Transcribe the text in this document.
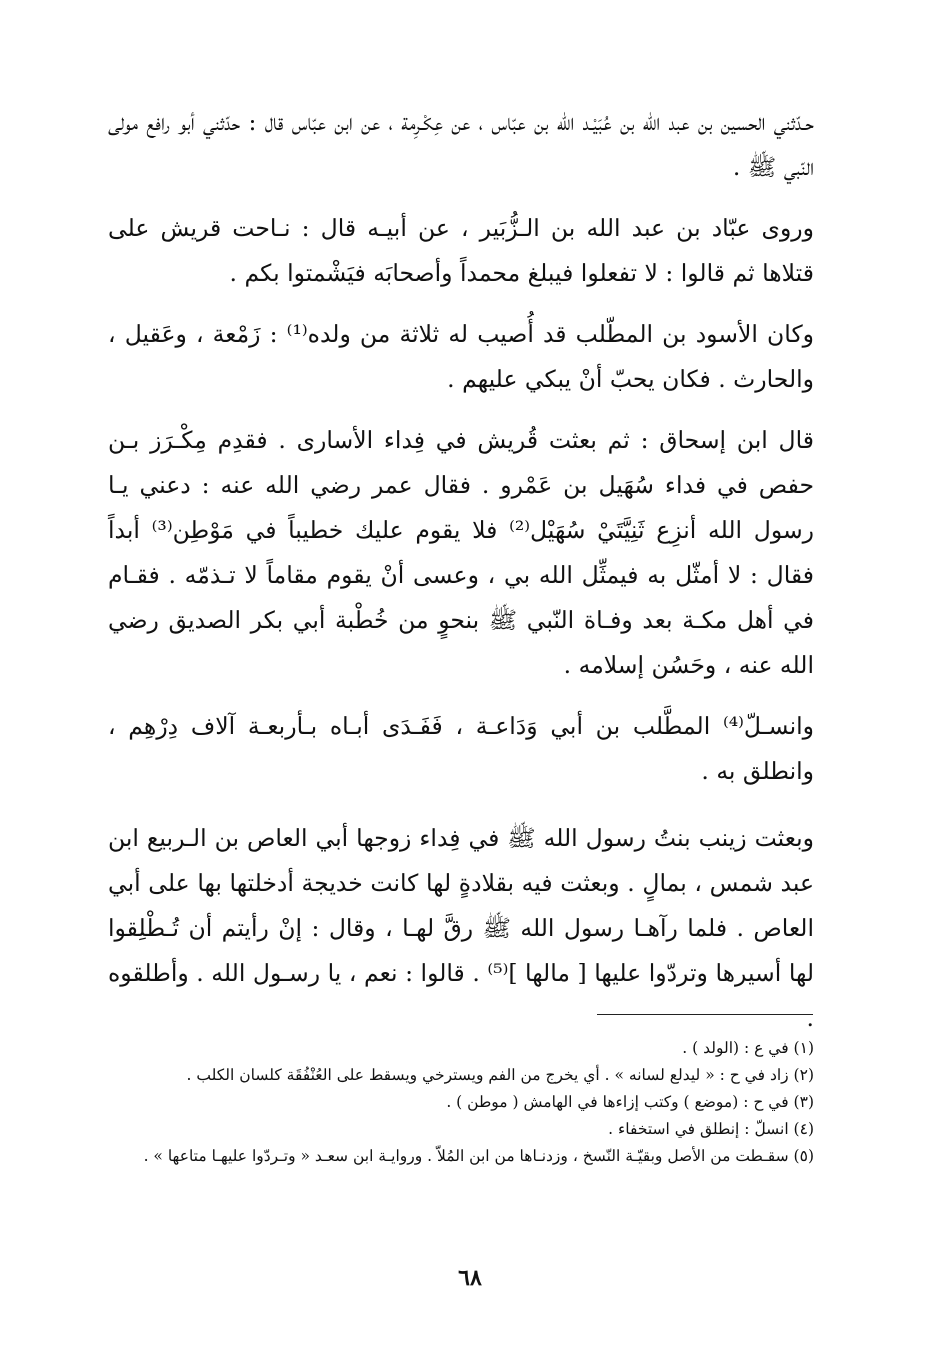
حـدّثني الحسين بن عبد الله بن عُبَيْـد الله بن عبّاس ، عن عِكْـرِمة ، عن ابن عبّاس قال : حدّثني أبو رافع مولى النّبي ﷺ .

وروى عبّاد بن عبد الله بن الـزُّبَير ، عن أبيـه قال : نـاحت قريش على قتلاها ثم قالوا : لا تفعلوا فيبلغ محمداً وأصحابَه فيَشْمتوا بكم .

وكان الأسود بن المطّلب قد أُصيب له ثلاثة من ولده⁽¹⁾ : زَمْعة ، وعَقيل ، والحارث . فكان يحبّ أنْ يبكي عليهم .

قال ابن إسحاق : ثم بعثت قُريش في فِداء الأسارى . فقدِم مِكْـرَز بـن حفص في فداء سُهَيل بن عَمْرو . فقال عمر رضي الله عنه : دعني يـا رسول الله أنزِع ثَنِيَّتَيْ سُهَيْل⁽²⁾ فلا يقوم عليك خطيباً في مَوْطِن⁽³⁾ أبداً فقال : لا أمثّل به فيمثِّل الله بي ، وعسى أنْ يقوم مقاماً لا تـذمّه . فقـام في أهل مكـة بعد وفـاة النّبي ﷺ بنحوٍ من خُطْبة أبي بكر الصديق رضي الله عنه ، وحَسُن إسلامه .

وانسـلّ⁽⁴⁾ المطَّلب بن أبي وَدَاعـة ، فَفَـدَى أبـاه بـأربعـة آلاف دِرْهِم ، وانطلق به .

وبعثت زينب بنتُ رسول الله ﷺ في فِداء زوجها أبي العاص بن الـربيع ابن عبد شمس ، بمالٍ . وبعثت فيه بقلادةٍ لها كانت خديجة أدخلتها بها على أبي العاص . فلما رآهـا رسول الله ﷺ رقَّ لهـا ، وقال : إنْ رأيتم أن تُـطْلِقوا لها أسيرها وتردّوا عليها [ مالها ]⁽⁵⁾ . قالوا : نعم ، يا رسـول الله . وأطلقوه .

(١) في ع : (الولد ) .

(٢) زاد في ح : « ليدلع لسانه » . أي يخرج من الفم ويسترخي ويسقط على العُنْفُقَة كلسان الكلب .

(٣) في ح : (موضع ) وكتب إزاءها في الهامش ( موطن ) .

(٤) انسلّ : إنطلق في استخفاء .

(٥) سقـطت من الأصل وبقيّـة النّسخ ، وزدنـاها من ابن المُلاّ . وروايـة ابن سعـد « وتـردّوا عليهـا متاعها » .

٦٨
